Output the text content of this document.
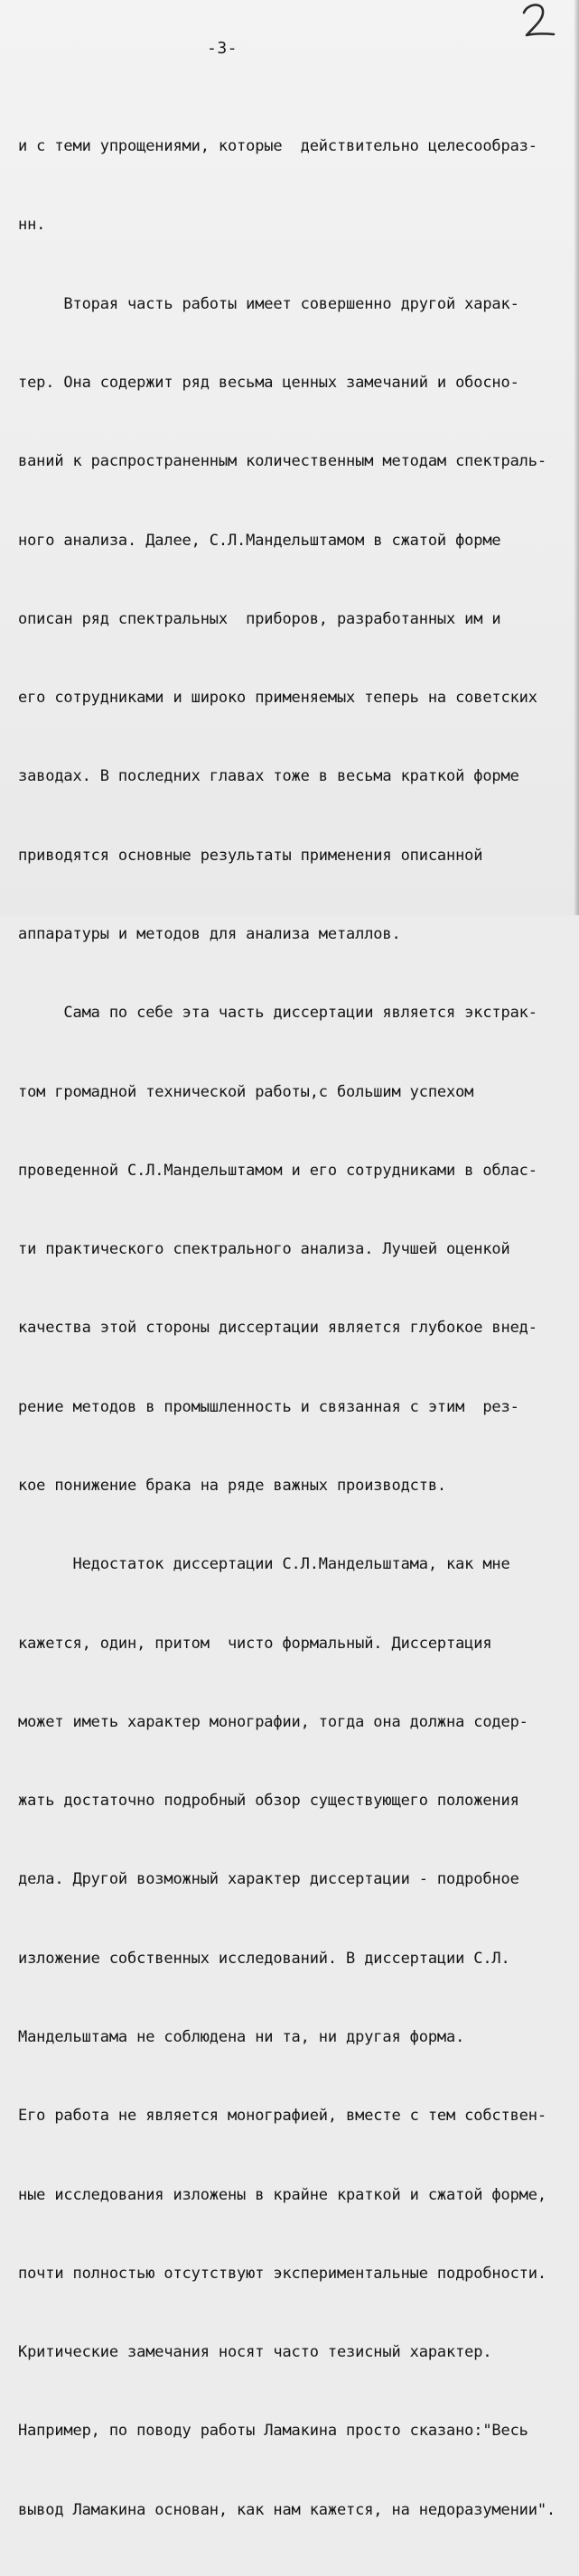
-3-

и с теми упрощениями, которые  действительно целесообраз-

нн.

Вторая часть работы имеет совершенно другой харак-

тер. Она содержит ряд весьма ценных замечаний и обосно-

ваний к распространенным количественным методам спектраль-

ного анализа. Далее, С.Л.Мандельштамом в сжатой форме

описан ряд спектральных  приборов, разработанных им и

его сотрудниками и широко применяемых теперь на советских

заводах. В последних главах тоже в весьма краткой форме

приводятся основные результаты применения описанной

аппаратуры и методов для анализа металлов.

Сама по себе эта часть диссертации является экстрак-

том громадной технической работы,с большим успехом

проведенной С.Л.Мандельштамом и его сотрудниками в облас-

ти практического спектрального анализа. Лучшей оценкой

качества этой стороны диссертации является глубокое внед-

рение методов в промышленность и связанная с этим  рез-

кое понижение брака на ряде важных производств.

Недостаток диссертации С.Л.Мандельштама, как мне

кажется, один, притом  чисто формальный. Диссертация

может иметь характер монографии, тогда она должна содер-

жать достаточно подробный обзор существующего положения

дела. Другой возможный характер диссертации - подробное

изложение собственных исследований. В диссертации С.Л.

Мандельштама не соблюдена ни та, ни другая форма.

Его работа не является монографией, вместе с тем собствен-

ные исследования изложены в крайне краткой и сжатой форме,

почти полностью отсутствуют экспериментальные подробности.

Критические замечания носят часто тезисный характер.

Например, по поводу работы Ламакина просто сказано:"Весь

вывод Ламакина основан, как нам кажется, на недоразумении".
